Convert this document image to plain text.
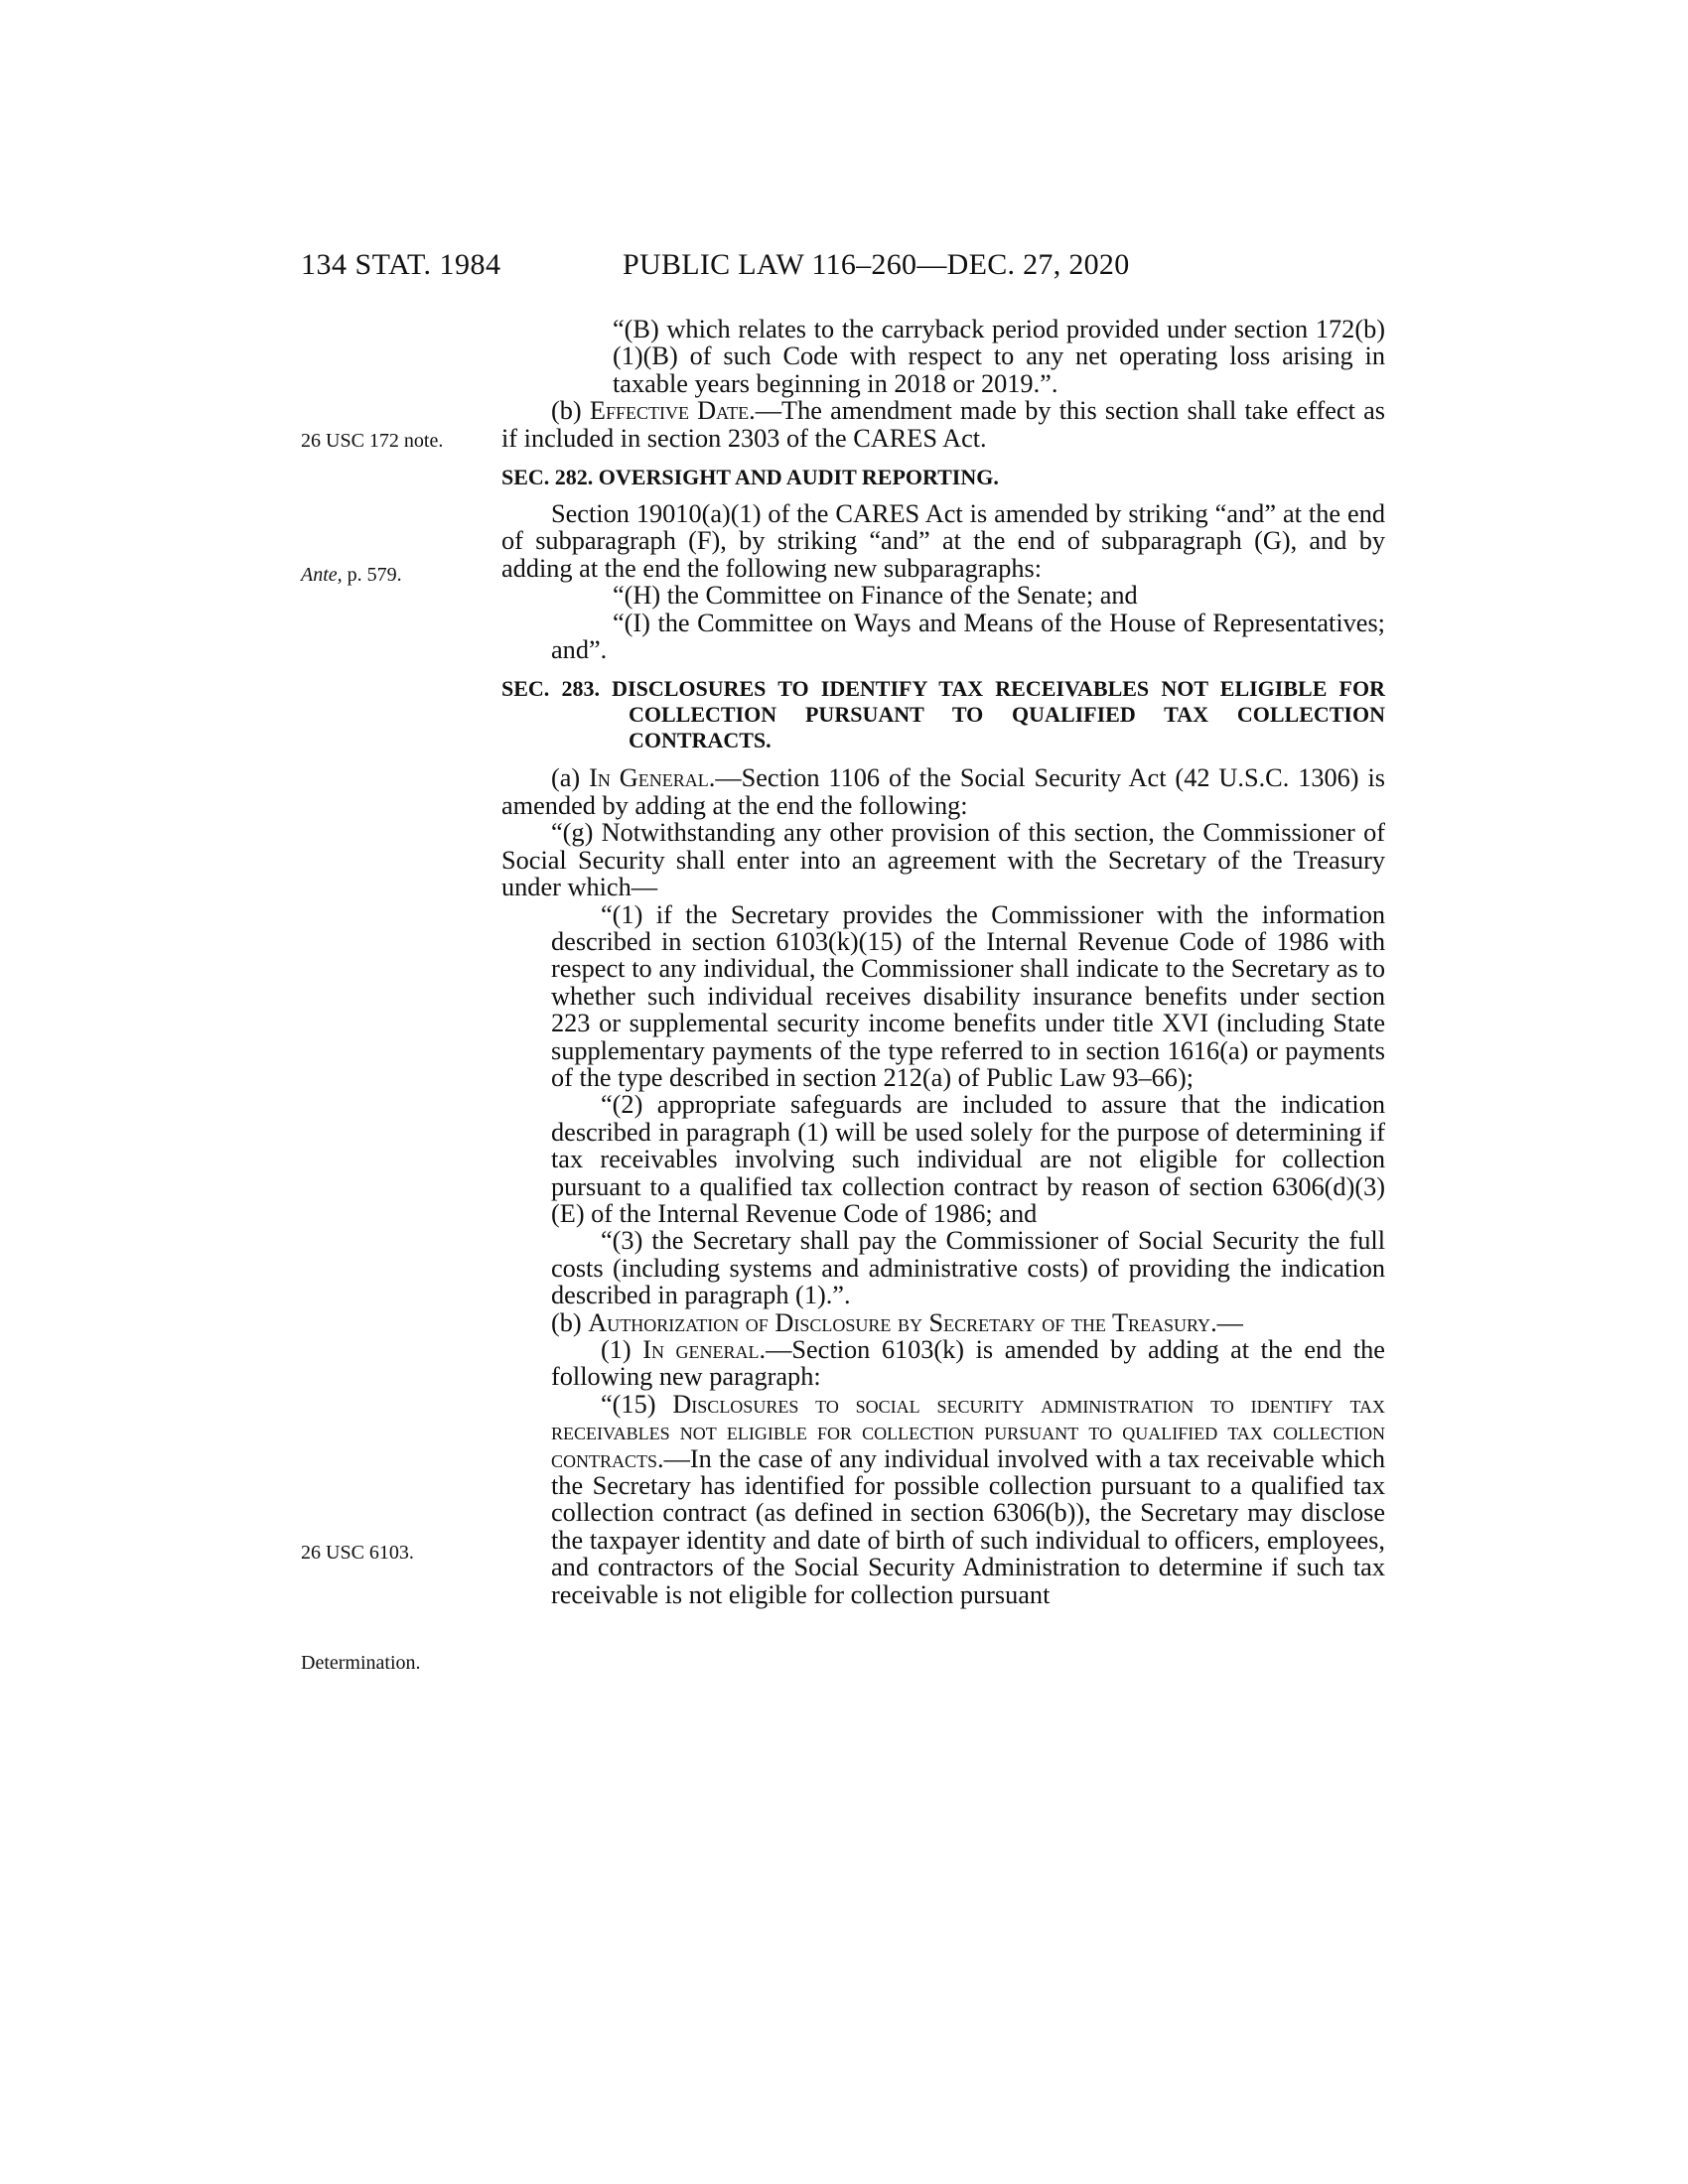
134 STAT. 1984	PUBLIC LAW 116–260—DEC. 27, 2020
26 USC 172 note.
Ante, p. 579.
26 USC 6103.
Determination.

“(B) which relates to the carryback period provided under section 172(b)(1)(B) of such Code with respect to any net operating loss arising in taxable years beginning in 2018 or 2019.”.

(b) Effective Date.—The amendment made by this section shall take effect as if included in section 2303 of the CARES Act.

SEC. 282. OVERSIGHT AND AUDIT REPORTING.

Section 19010(a)(1) of the CARES Act is amended by striking “and” at the end of subparagraph (F), by striking “and” at the end of subparagraph (G), and by adding at the end the following new subparagraphs:

“(H) the Committee on Finance of the Senate; and

“(I) the Committee on Ways and Means of the House of Representatives; and”.

SEC. 283. DISCLOSURES TO IDENTIFY TAX RECEIVABLES NOT ELIGIBLE FOR COLLECTION PURSUANT TO QUALIFIED TAX COLLECTION CONTRACTS.

(a) In General.—Section 1106 of the Social Security Act (42 U.S.C. 1306) is amended by adding at the end the following:

“(g) Notwithstanding any other provision of this section, the Commissioner of Social Security shall enter into an agreement with the Secretary of the Treasury under which—

“(1) if the Secretary provides the Commissioner with the information described in section 6103(k)(15) of the Internal Revenue Code of 1986 with respect to any individual, the Commissioner shall indicate to the Secretary as to whether such individual receives disability insurance benefits under section 223 or supplemental security income benefits under title XVI (including State supplementary payments of the type referred to in section 1616(a) or payments of the type described in section 212(a) of Public Law 93–66);

“(2) appropriate safeguards are included to assure that the indication described in paragraph (1) will be used solely for the purpose of determining if tax receivables involving such individual are not eligible for collection pursuant to a qualified tax collection contract by reason of section 6306(d)(3)(E) of the Internal Revenue Code of 1986; and

“(3) the Secretary shall pay the Commissioner of Social Security the full costs (including systems and administrative costs) of providing the indication described in paragraph (1).”.

(b) Authorization of Disclosure by Secretary of the Treasury.—

(1) In general.—Section 6103(k) is amended by adding at the end the following new paragraph:

“(15) Disclosures to social security administration to identify tax receivables not eligible for collection pursuant to qualified tax collection contracts.—In the case of any individual involved with a tax receivable which the Secretary has identified for possible collection pursuant to a qualified tax collection contract (as defined in section 6306(b)), the Secretary may disclose the taxpayer identity and date of birth of such individual to officers, employees, and contractors of the Social Security Administration to determine if such tax receivable is not eligible for collection pursuant
